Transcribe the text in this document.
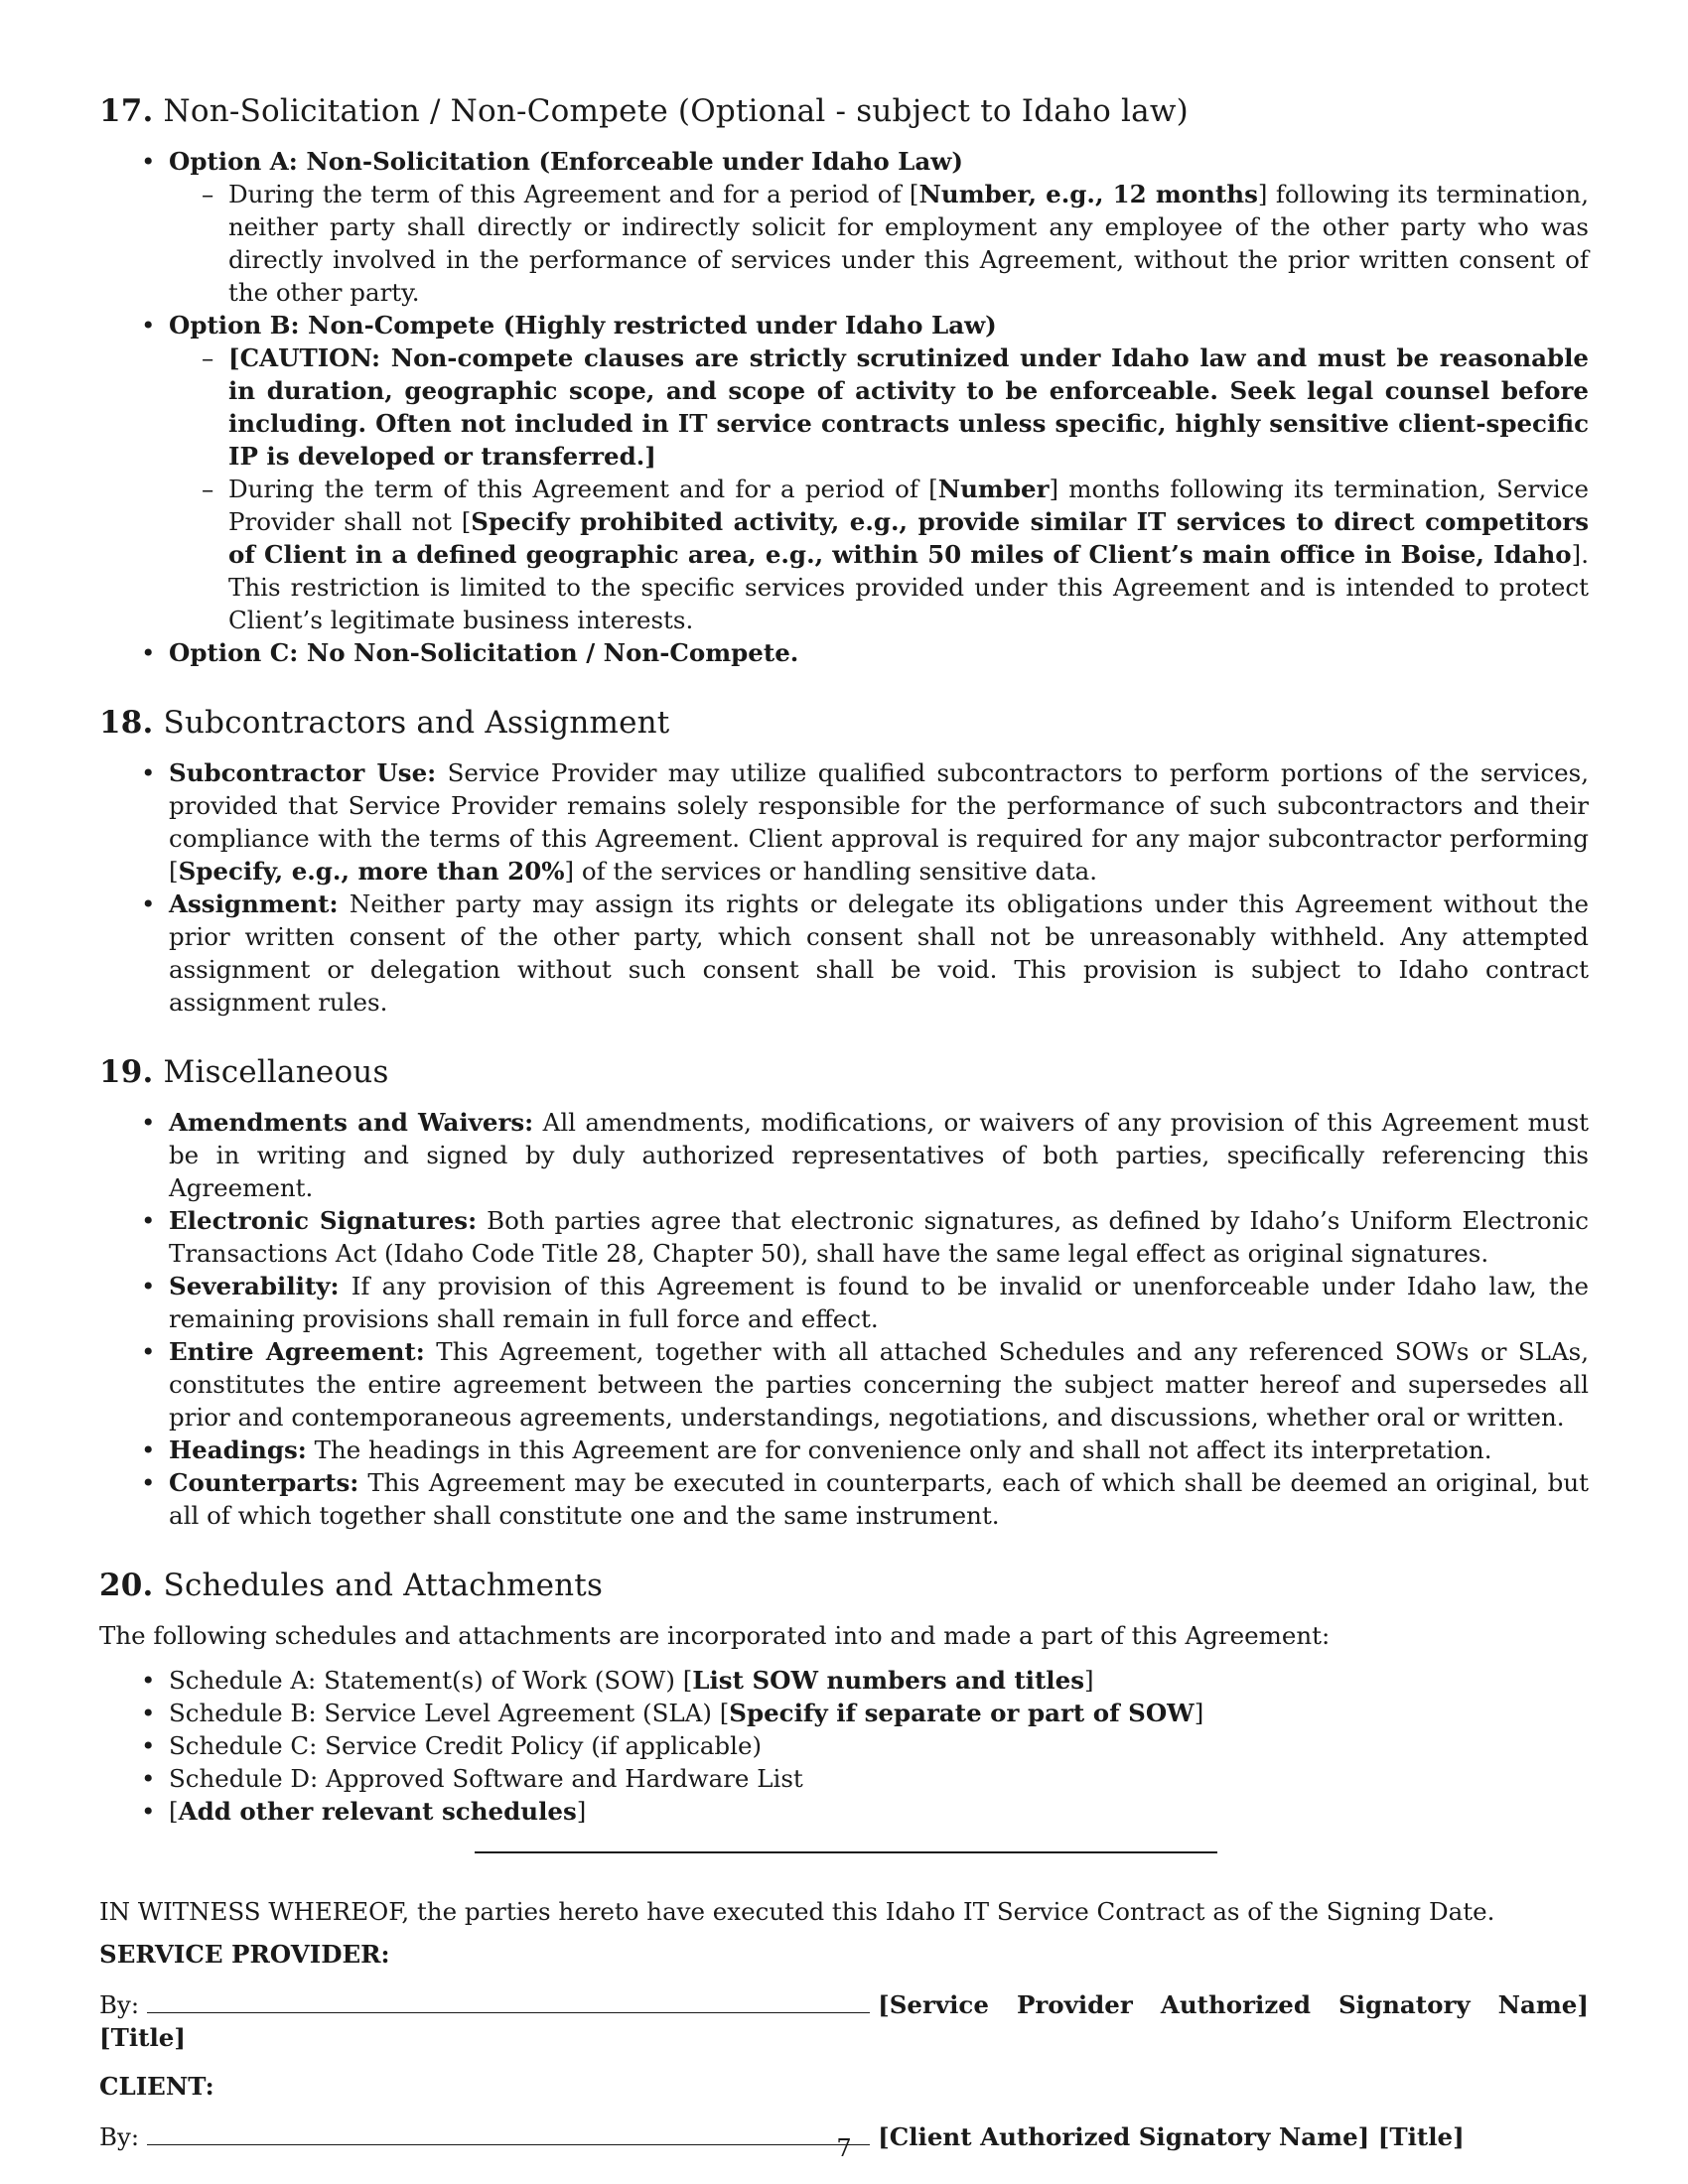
17. Non-Solicitation / Non-Compete (Optional - subject to Idaho law)
• Option A: Non-Solicitation (Enforceable under Idaho Law)
– During the term of this Agreement and for a period of [Number, e.g., 12 months] following its termination, neither party shall directly or indirectly solicit for employment any employee of the other party who was directly involved in the performance of services under this Agreement, without the prior written consent of the other party.
• Option B: Non-Compete (Highly restricted under Idaho Law)
– [CAUTION: Non-compete clauses are strictly scrutinized under Idaho law and must be reasonable in duration, geographic scope, and scope of activity to be enforceable. Seek legal counsel before including. Often not included in IT service contracts unless specific, highly sensitive client-specific IP is developed or transferred.]
– During the term of this Agreement and for a period of [Number] months following its termination, Service Provider shall not [Specify prohibited activity, e.g., provide similar IT services to direct competitors of Client in a defined geographic area, e.g., within 50 miles of Client’s main office in Boise, Idaho]. This restriction is limited to the specific services provided under this Agreement and is intended to protect Client’s legitimate business interests.
• Option C: No Non-Solicitation / Non-Compete.
18. Subcontractors and Assignment
• Subcontractor Use: Service Provider may utilize qualified subcontractors to perform portions of the services, provided that Service Provider remains solely responsible for the performance of such subcontractors and their compliance with the terms of this Agreement. Client approval is required for any major subcontractor performing [Specify, e.g., more than 20%] of the services or handling sensitive data.
• Assignment: Neither party may assign its rights or delegate its obligations under this Agreement without the prior written consent of the other party, which consent shall not be unreasonably withheld. Any attempted assignment or delegation without such consent shall be void. This provision is subject to Idaho contract assignment rules.
19. Miscellaneous
• Amendments and Waivers: All amendments, modifications, or waivers of any provision of this Agreement must be in writing and signed by duly authorized representatives of both parties, specifically referencing this Agreement.
• Electronic Signatures: Both parties agree that electronic signatures, as defined by Idaho’s Uniform Electronic Transactions Act (Idaho Code Title 28, Chapter 50), shall have the same legal effect as original signatures.
• Severability: If any provision of this Agreement is found to be invalid or unenforceable under Idaho law, the remaining provisions shall remain in full force and effect.
• Entire Agreement: This Agreement, together with all attached Schedules and any referenced SOWs or SLAs, constitutes the entire agreement between the parties concerning the subject matter hereof and supersedes all prior and contemporaneous agreements, understandings, negotiations, and discussions, whether oral or written.
• Headings: The headings in this Agreement are for convenience only and shall not affect its interpretation.
• Counterparts: This Agreement may be executed in counterparts, each of which shall be deemed an original, but all of which together shall constitute one and the same instrument.
20. Schedules and Attachments

The following schedules and attachments are incorporated into and made a part of this Agreement:

• Schedule A: Statement(s) of Work (SOW) [List SOW numbers and titles]
• Schedule B: Service Level Agreement (SLA) [Specify if separate or part of SOW]
• Schedule C: Service Credit Policy (if applicable)
• Schedule D: Approved Software and Hardware List
• [Add other relevant schedules]

IN WITNESS WHEREOF, the parties hereto have executed this Idaho IT Service Contract as of the Signing Date.

SERVICE PROVIDER:

By:	[Service Provider Authorized Signatory Name] [Title]

CLIENT:

By:	[Client Authorized Signatory Name] [Title]

7
